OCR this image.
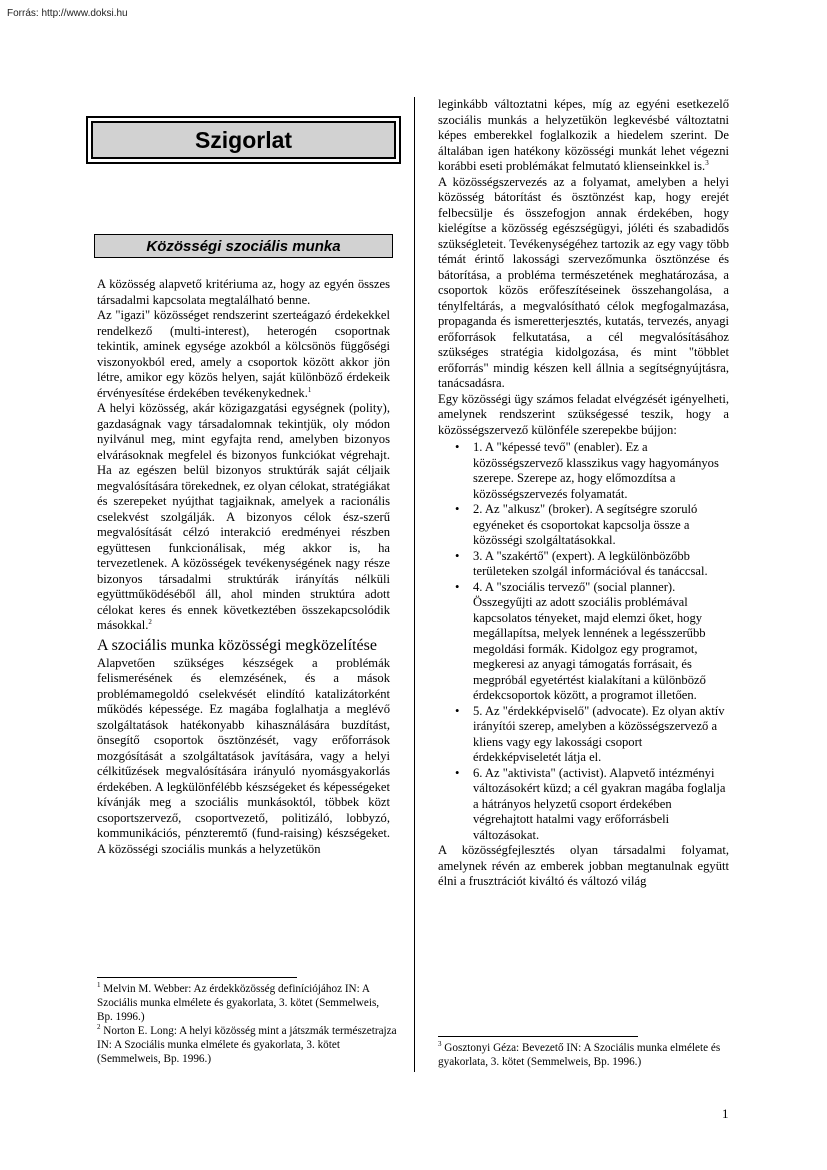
Forrás: http://www.doksi.hu
Szigorlat
Közösségi szociális munka

A közösség alapvető kritériuma az, hogy az egyén összes társadalmi kapcsolata megtalálható benne.

Az "igazi" közösséget rendszerint szerteágazó érdekekkel rendelkező (multi-interest), heterogén csoportnak tekintik, aminek egysége azokból a kölcsönös függőségi viszonyokból ered, amely a csoportok között akkor jön létre, amikor egy közös helyen, saját különböző érdekeik érvényesítése érdekében tevékenykednek.$^1$

A helyi közösség, akár közigazgatási egységnek (polity), gazdaságnak vagy társadalomnak tekintjük, oly módon nyilvánul meg, mint egyfajta rend, amelyben bizonyos elvárásoknak megfelel és bizonyos funkciókat végrehajt. Ha az egészen belül bizonyos struktúrák saját céljaik megvalósítására törekednek, ez olyan célokat, stratégiákat és szerepeket nyújthat tagjaiknak, amelyek a racionális cselekvést szolgálják. A bizonyos célok ész-szerű megvalósítását célzó interakció eredményei részben együttesen funkcionálisak, még akkor is, ha tervezetlenek. A közösségek tevékenységének nagy része bizonyos társadalmi struktúrák irányítás nélküli együttműködéséből áll, ahol minden struktúra adott célokat keres és ennek következtében összekapcsolódik másokkal.$^2$

A szociális munka közösségi megközelítése

Alapvetően szükséges készségek a problémák felismerésének és elemzésének, és a mások problémamegoldó cselekvését elindító katalizátorként működés képessége. Ez magába foglalhatja a meglévő szolgáltatások hatékonyabb kihasználására buzdítást, önsegítő csoportok ösztönzését, vagy erőforrások mozgósítását a szolgáltatások javítására, vagy a helyi célkitűzések megvalósítására irányuló nyomásgyakorlás érdekében. A legkülönfélébb készségeket és képességeket kívánják meg a szociális munkásoktól, többek közt csoportszervező, csoportvezető, politizáló, lobbyzó, kommunikációs, pénzteremtő (fund-raising) készségeket. A közösségi szociális munkás a helyzetükön

$^1$ Melvin M. Webber: Az érdekközösség definíciójához IN: A Szociális munka elmélete és gyakorlata, 3. kötet (Semmelweis, Bp. 1996.)

$^2$ Norton E. Long: A helyi közösség mint a játszmák természetrajza IN: A Szociális munka elmélete és gyakorlata, 3. kötet (Semmelweis, Bp. 1996.)

leginkább változtatni képes, míg az egyéni esetkezelő szociális munkás a helyzetükön legkevésbé változtatni képes emberekkel foglalkozik a hiedelem szerint. De általában igen hatékony közösségi munkát lehet végezni korábbi eseti problémákat felmutató klienseinkkel is.$^3$

A közösségszervezés az a folyamat, amelyben a helyi közösség bátorítást és ösztönzést kap, hogy erejét felbecsülje és összefogjon annak érdekében, hogy kielégítse a közösség egészségügyi, jóléti és szabadidős szükségleteit. Tevékenységéhez tartozik az egy vagy több témát érintő lakossági szervezőmunka ösztönzése és bátorítása, a probléma természetének meghatározása, a csoportok közös erőfeszítéseinek összehangolása, a ténylfeltárás, a megvalósítható célok megfogalmazása, propaganda és ismeretterjesztés, kutatás, tervezés, anyagi erőforrások felkutatása, a cél megvalósításához szükséges stratégia kidolgozása, és mint "többlet erőforrás" mindig készen kell állnia a segítségnyújtásra, tanácsadásra.

Egy közösségi ügy számos feladat elvégzését igényelheti, amelynek rendszerint szükségessé teszik, hogy a közösségszervező különféle szerepekbe bújjon:

• 1. A "képessé tevő" (enabler). Ez a közösségszervező klasszikus vagy hagyományos szerepe. Szerepe az, hogy előmozdítsa a közösségszervezés folyamatát.
• 2. Az "alkusz" (broker). A segítségre szoruló egyéneket és csoportokat kapcsolja össze a közösségi szolgáltatásokkal.
• 3. A "szakértő" (expert). A legkülönbözőbb területeken szolgál információval és tanáccsal.
• 4. A "szociális tervező" (social planner). Összegyűjti az adott szociális problémával kapcsolatos tényeket, majd elemzi őket, hogy megállapítsa, melyek lennének a legésszerűbb megoldási formák. Kidolgoz egy programot, megkeresi az anyagi támogatás forrásait, és megpróbál egyetértést kialakítani a különböző érdekcsoportok között, a programot illetően.
• 5. Az "érdekképviselő" (advocate). Ez olyan aktív irányítói szerep, amelyben a közösségszervező a kliens vagy egy lakossági csoport érdekképviseletét látja el.
• 6. Az "aktivista" (activist). Alapvető intézményi változásokért küzd; a cél gyakran magába foglalja a hátrányos helyzetű csoport érdekében végrehajtott hatalmi vagy erőforrásbeli változásokat.

A közösségfejlesztés olyan társadalmi folyamat, amelynek révén az emberek jobban megtanulnak együtt élni a frusztrációt kiváltó és változó világ

$^3$ Gosztonyi Géza: Bevezető IN: A Szociális munka elmélete és gyakorlata, 3. kötet (Semmelweis, Bp. 1996.)

1
